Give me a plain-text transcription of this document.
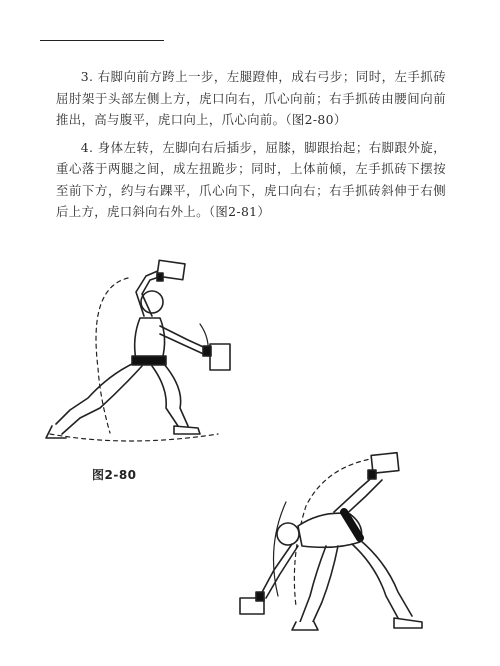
3. 右脚向前方跨上一步，左腿蹬伸，成右弓步；同时，左手抓砖屈肘架于头部左侧上方，虎口向右，爪心向前；右手抓砖由腰间向前推出，高与腹平，虎口向上，爪心向前。（图2-80）

4. 身体左转，左脚向右后插步，屈膝，脚跟抬起；右脚跟外旋，重心落于两腿之间，成左扭跪步；同时，上体前倾，左手抓砖下摆按至前下方，约与右踝平，爪心向下，虎口向右；右手抓砖斜伸于右侧后上方，虎口斜向右外上。（图2-81）

图2-80
